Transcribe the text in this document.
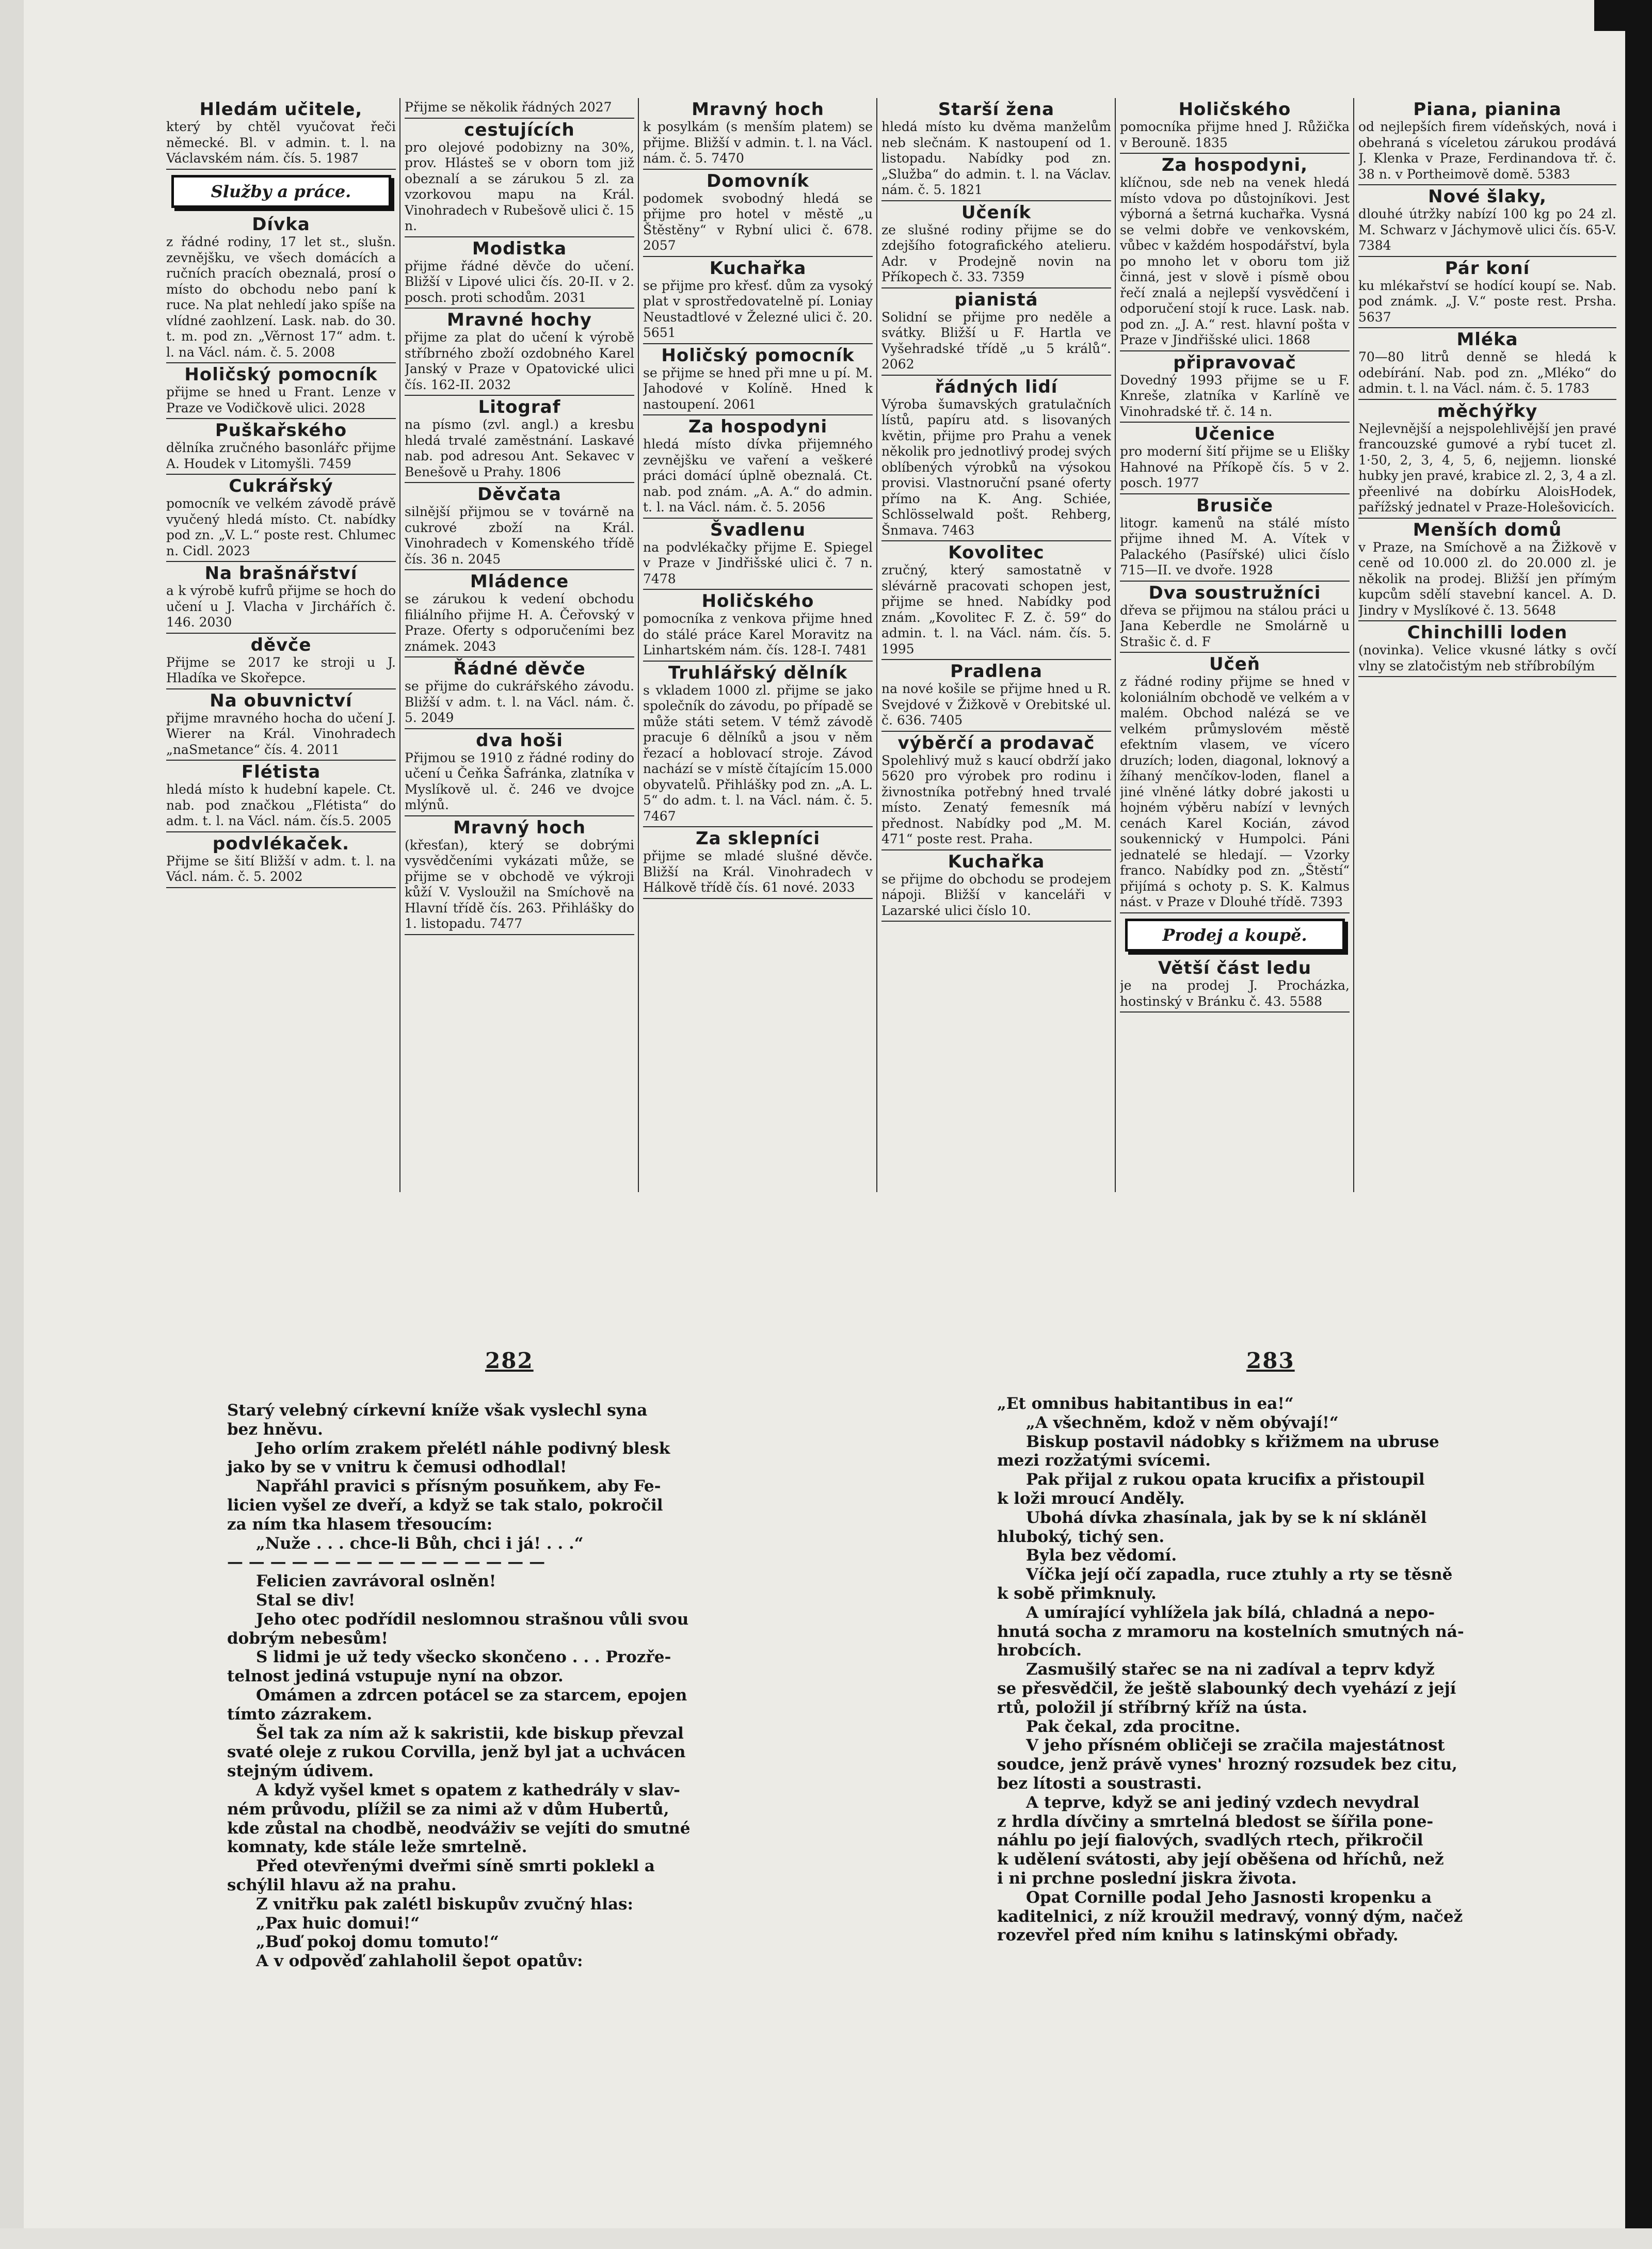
Hledám učitele,

který by chtěl vyučovat řeči německé. Bl. v admin. t. l. na Václavském nám. čís. 5. 1987

Služby a práce.
Dívka

z řádné rodiny, 17 let st., slušn. zevnějšku, ve všech domácích a ručních pracích obeznalá, prosí o místo do obchodu nebo paní k ruce. Na plat nehledí jako spíše na vlídné zaohlzení. Lask. nab. do 30. t. m. pod zn. „Věrnost 17“ adm. t. l. na Václ. nám. č. 5. 2008

Holičský pomocník

přijme se hned u Frant. Lenze v Praze ve Vodičkově ulici. 2028

Puškařského

dělníka zručného basonlářc přijme A. Houdek v Litomyšli. 7459

Cukrářský

pomocník ve velkém závodě právě vyučený hledá místo. Ct. nabídky pod zn. „V. L.“ poste rest. Chlumec n. Cidl. 2023

Na brašnářství

a k výrobě kufrů přijme se hoch do učení u J. Vlacha v Jirchářích č. 146. 2030

děvče

Přijme se 2017 ke stroji u J. Hladíka ve Skořepce.

Na obuvnictví

přijme mravného hocha do učení J. Wierer na Král. Vinohradech „naSmetance“ čís. 4. 2011

Flétista

hledá místo k hudební kapele. Ct. nab. pod značkou „Flétista“ do adm. t. l. na Václ. nám. čís.5. 2005

podvlékaček.

Přijme se šití Bližší v adm. t. l. na Václ. nám. č. 5. 2002

Přijme se několik řádných 2027

cestujících

pro olejové podobizny na 30%, prov. Hlásteš se v oborn tom již obeznalí a se zárukou 5 zl. za vzorkovou mapu na Král. Vinohradech v Rubešově ulici č. 15 n.

Modistka

přijme řádné děvče do učení. Bližší v Lipové ulici čís. 20-II. v 2. posch. proti schodům. 2031

Mravné hochy

přijme za plat do učení k výrobě stříbrného zboží ozdobného Karel Janský v Praze v Opatovické ulici čís. 162-II. 2032

Litograf

na písmo (zvl. angl.) a kresbu hledá trvalé zaměstnání. Laskavé nab. pod adresou Ant. Sekavec v Benešově u Prahy. 1806

Děvčata

silnější přijmou se v továrně na cukrové zboží na Král. Vinohradech v Komenského třídě čís. 36 n. 2045

Mládence

se zárukou k vedení obchodu filiálního přijme H. A. Čeřovský v Praze. Oferty s odporučeními bez známek. 2043

Řádné děvče

se přijme do cukrářského závodu. Bližší v adm. t. l. na Václ. nám. č. 5. 2049

dva hoši

Přijmou se 1910 z řádné rodiny do učení u Čeňka Šafránka, zlatníka v Myslíkově ul. č. 246 ve dvojce mlýnů.

Mravný hoch

(křesťan), který se dobrými vysvědčeními vykázati může, se přijme se v obchodě ve výkroji kůží V. Vysloužil na Smíchově na Hlavní třídě čís. 263. Přihlášky do 1. listopadu. 7477

Mravný hoch

k posylkám (s menším platem) se přijme. Bližší v admin. t. l. na Václ. nám. č. 5. 7470

Domovník

podomek svobodný hledá se přijme pro hotel v městě „u Štěstěny“ v Rybní ulici č. 678. 2057

Kuchařka

se přijme pro křesť. dům za vysoký plat v sprostředovatelně pí. Loniay Neustadtlové v Železné ulici č. 20. 5651

Holičský pomocník

se přijme se hned při mne u pí. M. Jahodové v Kolíně. Hned k nastoupení. 2061

Za hospodyni

hledá místo dívka přijemného zevnějšku ve vaření a veškeré práci domácí úplně obeznalá. Ct. nab. pod znám. „A. A.“ do admin. t. l. na Václ. nám. č. 5. 2056

Švadlenu

na podvlékačky přijme E. Spiegel v Praze v Jindřišské ulici č. 7 n. 7478

Holičského

pomocníka z venkova přijme hned do stálé práce Karel Moravitz na Linhartském nám. čís. 128-I. 7481

Truhlářský dělník

s vkladem 1000 zl. přijme se jako společník do závodu, po případě se může státi setem. V témž závodě pracuje 6 dělníků a jsou v něm řezací a hoblovací stroje. Závod nachází se v místě čítajícím 15.000 obyvatelů. Přihlášky pod zn. „A. L. 5“ do adm. t. l. na Václ. nám. č. 5. 7467

Za sklepníci

přijme se mladé slušné děvče. Bližší na Král. Vinohradech v Hálkově třídě čís. 61 nové. 2033

Starší žena

hledá místo ku dvěma manželům neb slečnám. K nastoupení od 1. listopadu. Nabídky pod zn. „Služba“ do admin. t. l. na Václav. nám. č. 5. 1821

Učeník

ze slušné rodiny přijme se do zdejšího fotografického atelieru. Adr. v Prodejně novin na Příkopech č. 33. 7359

pianistá

Solidní se přijme pro neděle a svátky. Bližší u F. Hartla ve Vyšehradské třídě „u 5 králů“. 2062

řádných lidí

Výroba šumavských gratulačních lístů, papíru atd. s lisovaných květin, přijme pro Prahu a venek několik pro jednotlivý prodej svých oblíbených výrobků na výsokou provisi. Vlastnoruční psané oferty přímo na K. Ang. Schiée, Schlösselwald pošt. Rehberg, Šnmava. 7463

Kovolitec

zručný, který samostatně v slévárně pracovati schopen jest, přijme se hned. Nabídky pod znám. „Kovolitec F. Z. č. 59“ do admin. t. l. na Václ. nám. čís. 5. 1995

Pradlena

na nové košile se přijme hned u R. Svejdové v Žižkově v Orebitské ul. č. 636. 7405

výběrčí a prodavač

Spolehlivý muž s kaucí obdrží jako 5620 pro výrobek pro rodinu i živnostníka potřebný hned trvalé místo. Zenatý femesník má přednost. Nabídky pod „M. M. 471“ poste rest. Praha.

Kuchařka

se přijme do obchodu se prodejem nápoji. Bližší v kanceláři v Lazarské ulici číslo 10.

Holičského

pomocníka přijme hned J. Růžička v Berouně. 1835

Za hospodyni,

klíčnou, sde neb na venek hledá místo vdova po důstojníkovi. Jest výborná a šetrná kuchařka. Vysná se velmi dobře ve venkovském, vůbec v každém hospodářství, byla po mnoho let v oboru tom již činná, jest v slově i písmě obou řečí znalá a nejlepší vysvědčení i odporučení stojí k ruce. Lask. nab. pod zn. „J. A.“ rest. hlavní pošta v Praze v Jindřišské ulici. 1868

připravovač

Dovedný 1993 přijme se u F. Knreše, zlatníka v Karlíně ve Vinohradské tř. č. 14 n.

Učenice

pro moderní šití přijme se u Elišky Hahnové na Příkopě čís. 5 v 2. posch. 1977

Brusiče

litogr. kamenů na stálé místo přijme ihned M. A. Vítek v Palackého (Pasířské) ulici číslo 715—II. ve dvoře. 1928

Dva soustružníci

dřeva se přijmou na stálou práci u Jana Keberdle ne Smolárně u Strašic č. d. F

Učeň

z řádné rodiny přijme se hned v koloniálním obchodě ve velkém a v malém. Obchod nalézá se ve velkém průmyslovém městě efektním vlasem, ve vícero druzích; loden, diagonal, loknový a žíhaný menčíkov-loden, flanel a jiné vlněné látky dobré jakosti u hojném výběru nabízí v levných cenách Karel Kocián, závod soukennický v Humpolci. Páni jednatelé se hledají. — Vzorky franco. Nabídky pod zn. „Štěstí“ přijímá s ochoty p. S. K. Kalmus nást. v Praze v Dlouhé třídě. 7393

Prodej a koupě.
Větší část ledu

je na prodej J. Procházka, hostinský v Bránku č. 43. 5588

Piana, pianina

od nejlepších firem vídeňských, nová i obehraná s víceletou zárukou prodává J. Klenka v Praze, Ferdinandova tř. č. 38 n. v Portheimově domě. 5383

Nové šlaky,

dlouhé útržky nabízí 100 kg po 24 zl. M. Schwarz v Jáchymově ulici čís. 65-V. 7384

Pár koní

ku mlékařství se hodící koupí se. Nab. pod známk. „J. V.“ poste rest. Prsha. 5637

Mléka

70—80 litrů denně se hledá k odebírání. Nab. pod zn. „Mléko“ do admin. t. l. na Václ. nám. č. 5. 1783

měchýřky

Nejlevnější a nejspolehlivější jen pravé francouzské gumové a rybí tucet zl. 1·50, 2, 3, 4, 5, 6, nejjemn. lionské hubky jen pravé, krabice zl. 2, 3, 4 a zl. přeenlivé na dobírku AloisHodek, pařížský jednatel v Praze-Holešovicích.

Menších domů

v Praze, na Smíchově a na Žižkově v ceně od 10.000 zl. do 20.000 zl. je několik na prodej. Bližší jen přímým kupcům sdělí stavební kancel. A. D. Jindry v Myslíkové č. 13. 5648

Chinchilli loden

(novinka). Velice vkusné látky s ovčí vlny se zlatočistým neb stříbrobílým

282	283

Starý velebný církevní kníže však vyslechl syna

bez hněvu.

Jeho orlím zrakem přelétl náhle podivný blesk

jako by se v vnitru k čemusi odhodlal!

Napřáhl pravici s přísným posuňkem, aby Fe-

licien vyšel ze dveří, a když se tak stalo, pokročil

za ním tka hlasem třesoucím:

„Nuže . . . chce-li Bůh, chci i já! . . .“

— — — — — — — — — — — — — — —

Felicien zavrávoral oslněn!

Stal se div!

Jeho otec podřídil neslomnou strašnou vůli svou

dobrým nebesům!

S lidmi je už tedy všecko skončeno . . . Prozře-

telnost jediná vstupuje nyní na obzor.

Omámen a zdrcen potácel se za starcem, epojen

tímto zázrakem.

Šel tak za ním až k sakristii, kde biskup převzal

svaté oleje z rukou Corvilla, jenž byl jat a uchvácen

stejným údivem.

A když vyšel kmet s opatem z kathedrály v slav-

ném průvodu, plížil se za nimi až v dům Hubertů,

kde zůstal na chodbě, neodváživ se vejíti do smutné

komnaty, kde stále leže smrtelně.

Před otevřenými dveřmi síně smrti poklekl a

schýlil hlavu až na prahu.

Z vnitřku pak zalétl biskupův zvučný hlas:

„Pax huic domui!“

„Buď pokoj domu tomuto!“

A v odpověď zahlaholil šepot opatův:

„Et omnibus habitantibus in ea!“

„A všechněm, kdož v něm obývají!“

Biskup postavil nádobky s křižmem na ubruse

mezi rozžatými svícemi.

Pak přijal z rukou opata krucifix a přistoupil

k loži mroucí Anděly.

Ubohá dívka zhasínala, jak by se k ní skláněl

hluboký, tichý sen.

Byla bez vědomí.

Víčka její očí zapadla, ruce ztuhly a rty se těsně

k sobě přimknuly.

A umírající vyhlížela jak bílá, chladná a nepo-

hnutá socha z mramoru na kostelních smutných ná-

hrobcích.

Zasmušilý stařec se na ni zadíval a teprv když

se přesvědčil, že ještě slabounký dech vyehází z její

rtů, položil jí stříbrný kříž na ústa.

Pak čekal, zda procitne.

V jeho přísném obličeji se zračila majestátnost

soudce, jenž právě vynes' hrozný rozsudek bez citu,

bez lítosti a soustrasti.

A teprve, když se ani jediný vzdech nevydral

z hrdla dívčiny a smrtelná bledost se šířila pone-

náhlu po její fialových, svadlých rtech, přikročil

k udělení svátosti, aby její oběšena od hříchů, než

i ni prchne poslední jiskra života.

Opat Cornille podal Jeho Jasnosti kropenku a

kaditelnici, z níž kroužil medravý, vonný dým, načež

rozevřel před ním knihu s latinskými obřady.
